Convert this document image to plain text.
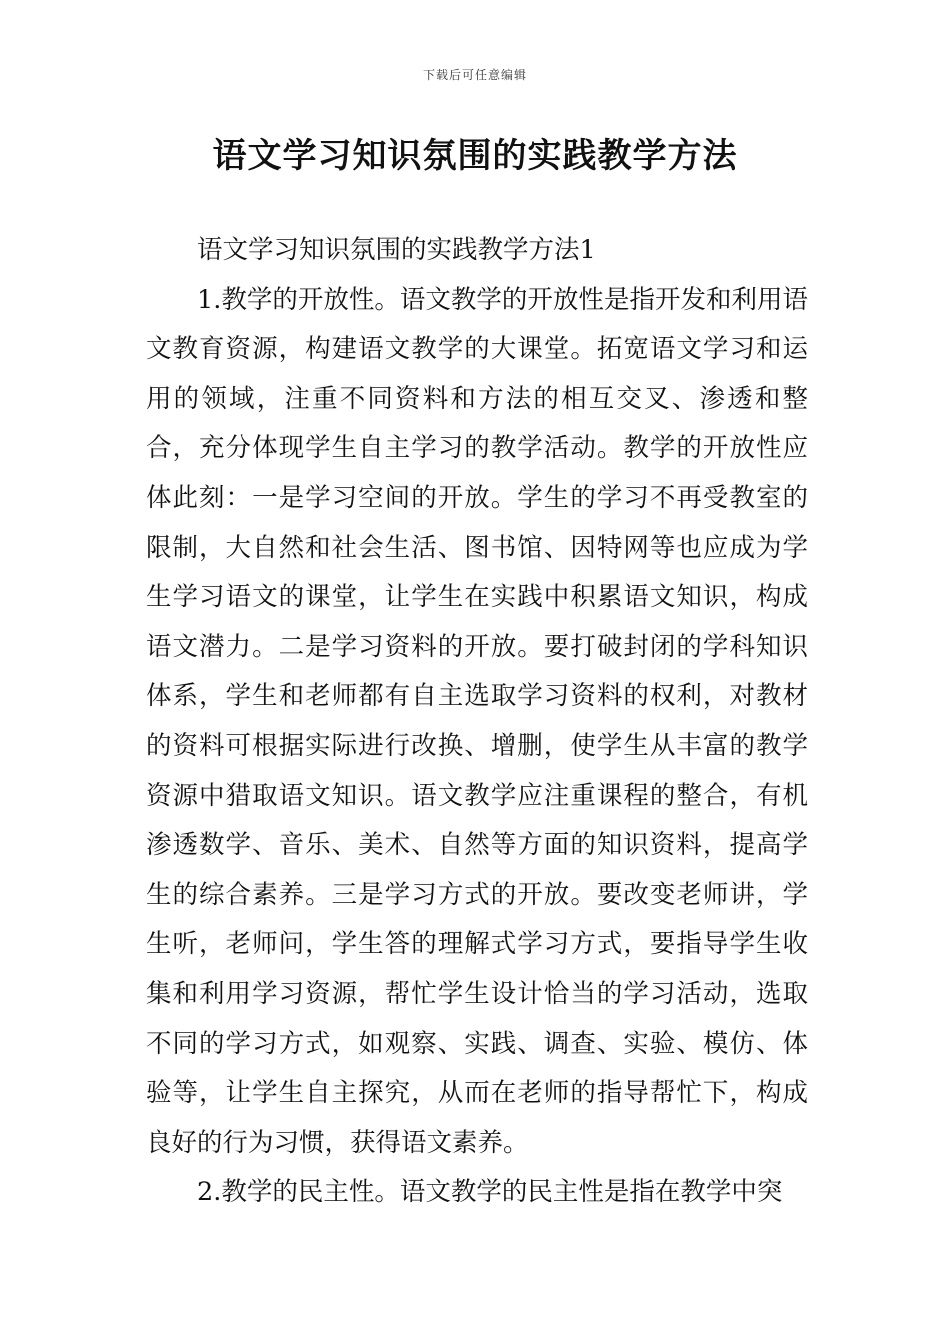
下载后可任意编辑
语文学习知识氛围的实践教学方法

语文学习知识氛围的实践教学方法1

1.教学的开放性。语文教学的开放性是指开发和利用语文教育资源，构建语文教学的大课堂。拓宽语文学习和运用的领域，注重不同资料和方法的相互交叉、渗透和整合，充分体现学生自主学习的教学活动。教学的开放性应体此刻：一是学习空间的开放。学生的学习不再受教室的限制，大自然和社会生活、图书馆、因特网等也应成为学生学习语文的课堂，让学生在实践中积累语文知识，构成语文潜力。二是学习资料的开放。要打破封闭的学科知识体系，学生和老师都有自主选取学习资料的权利，对教材的资料可根据实际进行改换、增删，使学生从丰富的教学资源中猎取语文知识。语文教学应注重课程的整合，有机渗透数学、音乐、美术、自然等方面的知识资料，提高学生的综合素养。三是学习方式的开放。要改变老师讲，学生听，老师问，学生答的理解式学习方式，要指导学生收集和利用学习资源，帮忙学生设计恰当的学习活动，选取不同的学习方式，如观察、实践、调查、实验、模仿、体验等，让学生自主探究，从而在老师的指导帮忙下，构成良好的行为习惯，获得语文素养。

2.教学的民主性。语文教学的民主性是指在教学中突
